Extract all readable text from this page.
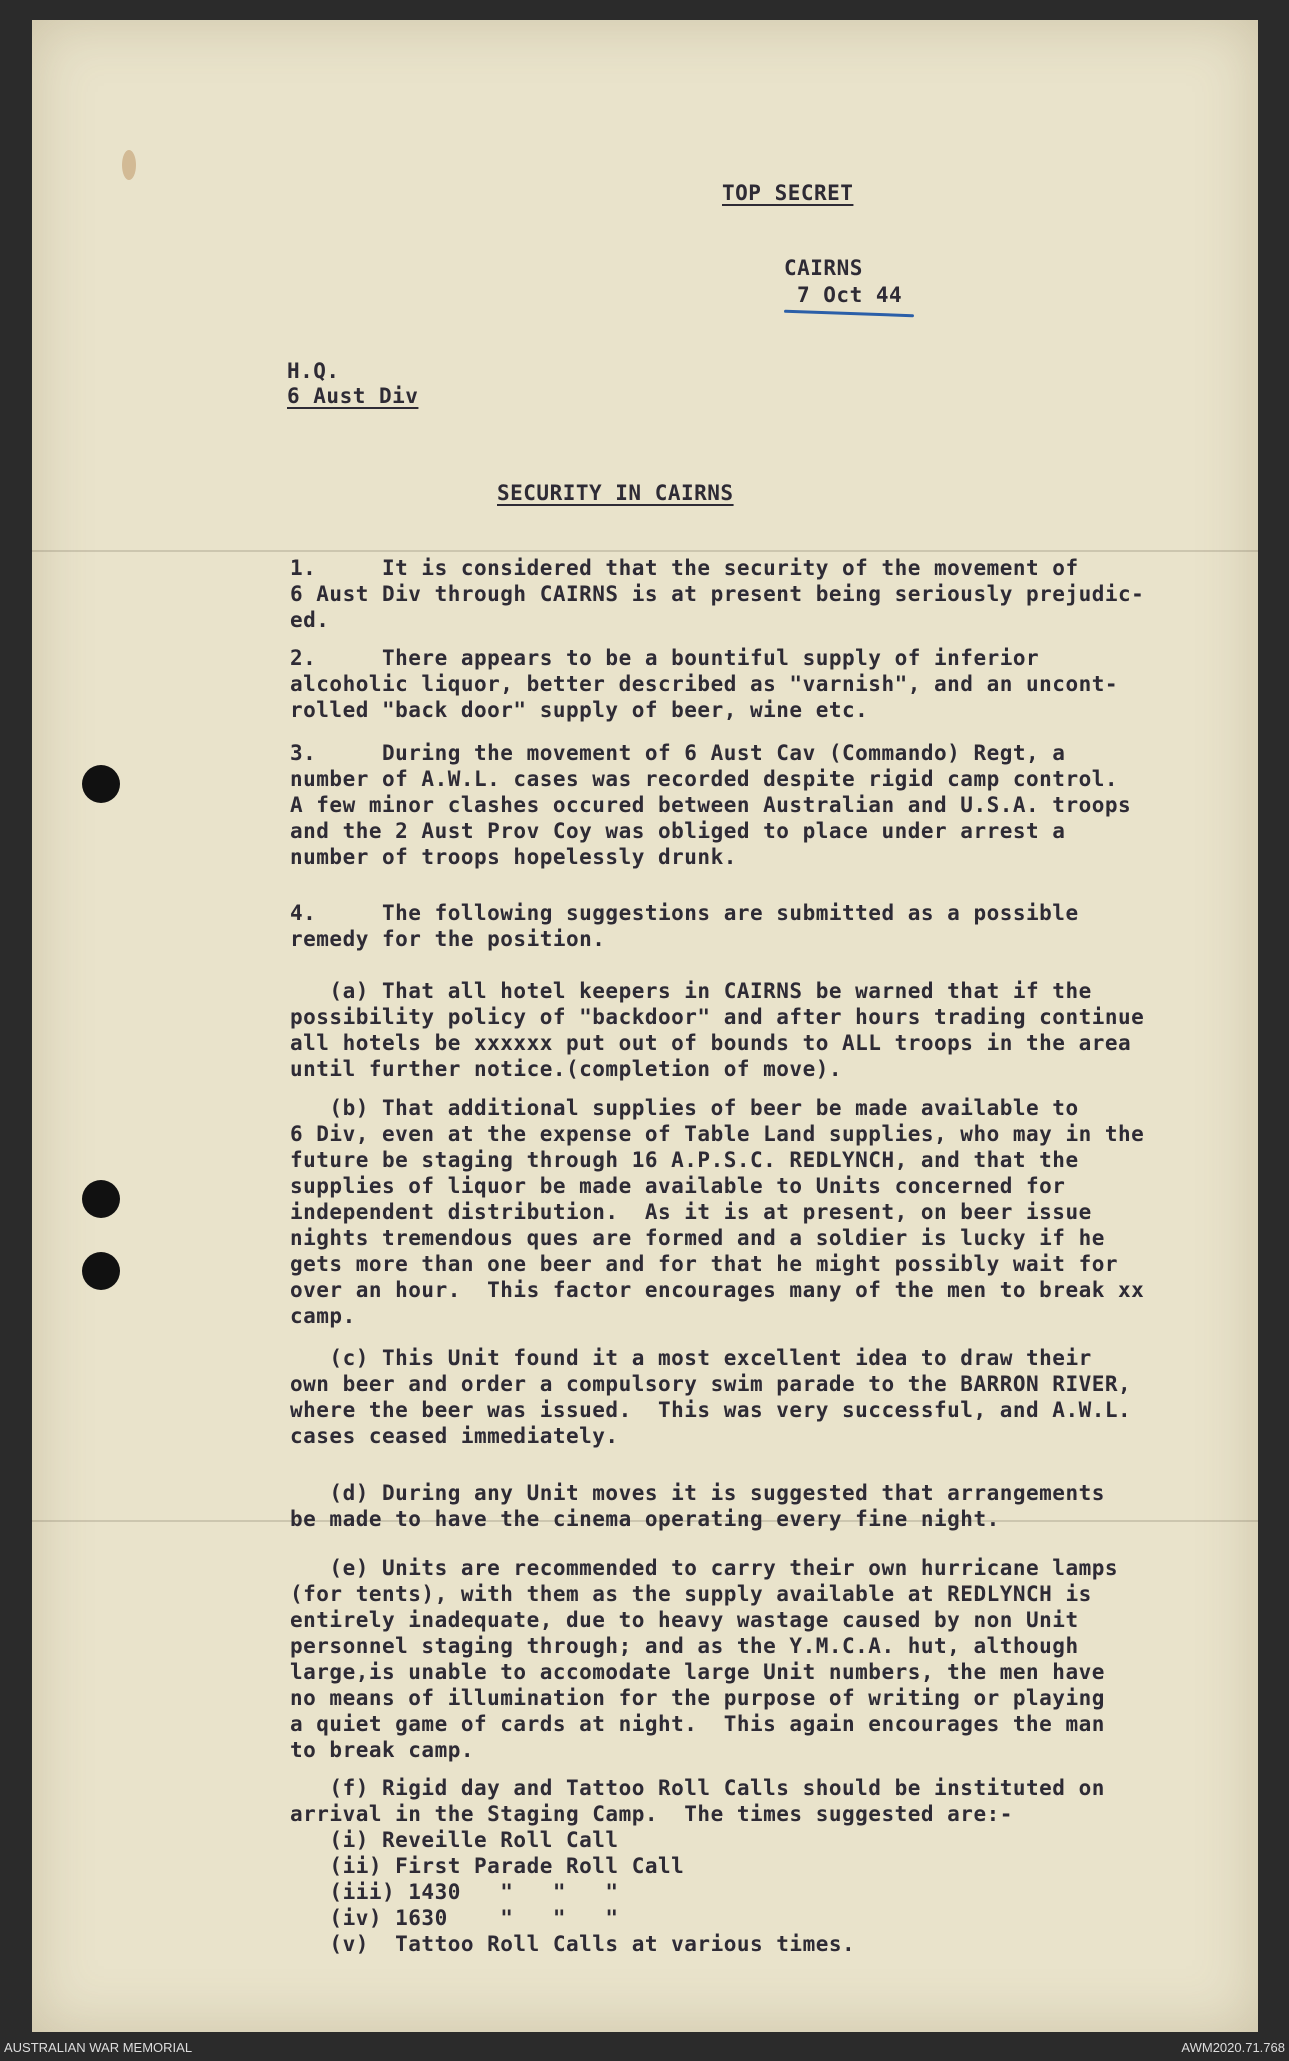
TOP SECRET
CAIRNS
7 Oct 44
H.Q.
6 Aust Div
SECURITY IN CAIRNS
1.     It is considered that the security of the movement of
6 Aust Div through CAIRNS is at present being seriously prejudic-
ed.
2.     There appears to be a bountiful supply of inferior
alcoholic liquor, better described as "varnish", and an uncont-
rolled "back door" supply of beer, wine etc.
3.     During the movement of 6 Aust Cav (Commando) Regt, a
number of A.W.L. cases was recorded despite rigid camp control.
A few minor clashes occured between Australian and U.S.A. troops
and the 2 Aust Prov Coy was obliged to place under arrest a
number of troops hopelessly drunk.
4.     The following suggestions are submitted as a possible
remedy for the position.
(a) That all hotel keepers in CAIRNS be warned that if the
possibility policy of "backdoor" and after hours trading continue
all hotels be xxxxxx put out of bounds to ALL troops in the area
until further notice.(completion of move).
(b) That additional supplies of beer be made available to
6 Div, even at the expense of Table Land supplies, who may in the
future be staging through 16 A.P.S.C. REDLYNCH, and that the
supplies of liquor be made available to Units concerned for
independent distribution.  As it is at present, on beer issue
nights tremendous ques are formed and a soldier is lucky if he
gets more than one beer and for that he might possibly wait for
over an hour.  This factor encourages many of the men to break xx
camp.
(c) This Unit found it a most excellent idea to draw their
own beer and order a compulsory swim parade to the BARRON RIVER,
where the beer was issued.  This was very successful, and A.W.L.
cases ceased immediately.
(d) During any Unit moves it is suggested that arrangements
be made to have the cinema operating every fine night.
(e) Units are recommended to carry their own hurricane lamps
(for tents), with them as the supply available at REDLYNCH is
entirely inadequate, due to heavy wastage caused by non Unit
personnel staging through; and as the Y.M.C.A. hut, although
large,is unable to accomodate large Unit numbers, the men have
no means of illumination for the purpose of writing or playing
a quiet game of cards at night.  This again encourages the man
to break camp.
(f) Rigid day and Tattoo Roll Calls should be instituted on
arrival in the Staging Camp.  The times suggested are:-
(i) Reveille Roll Call
(ii) First Parade Roll Call
(iii) 1430   "   "   "
(iv) 1630    "   "   "
(v)  Tattoo Roll Calls at various times.
AUSTRALIAN WAR MEMORIAL	AWM2020.71.768
